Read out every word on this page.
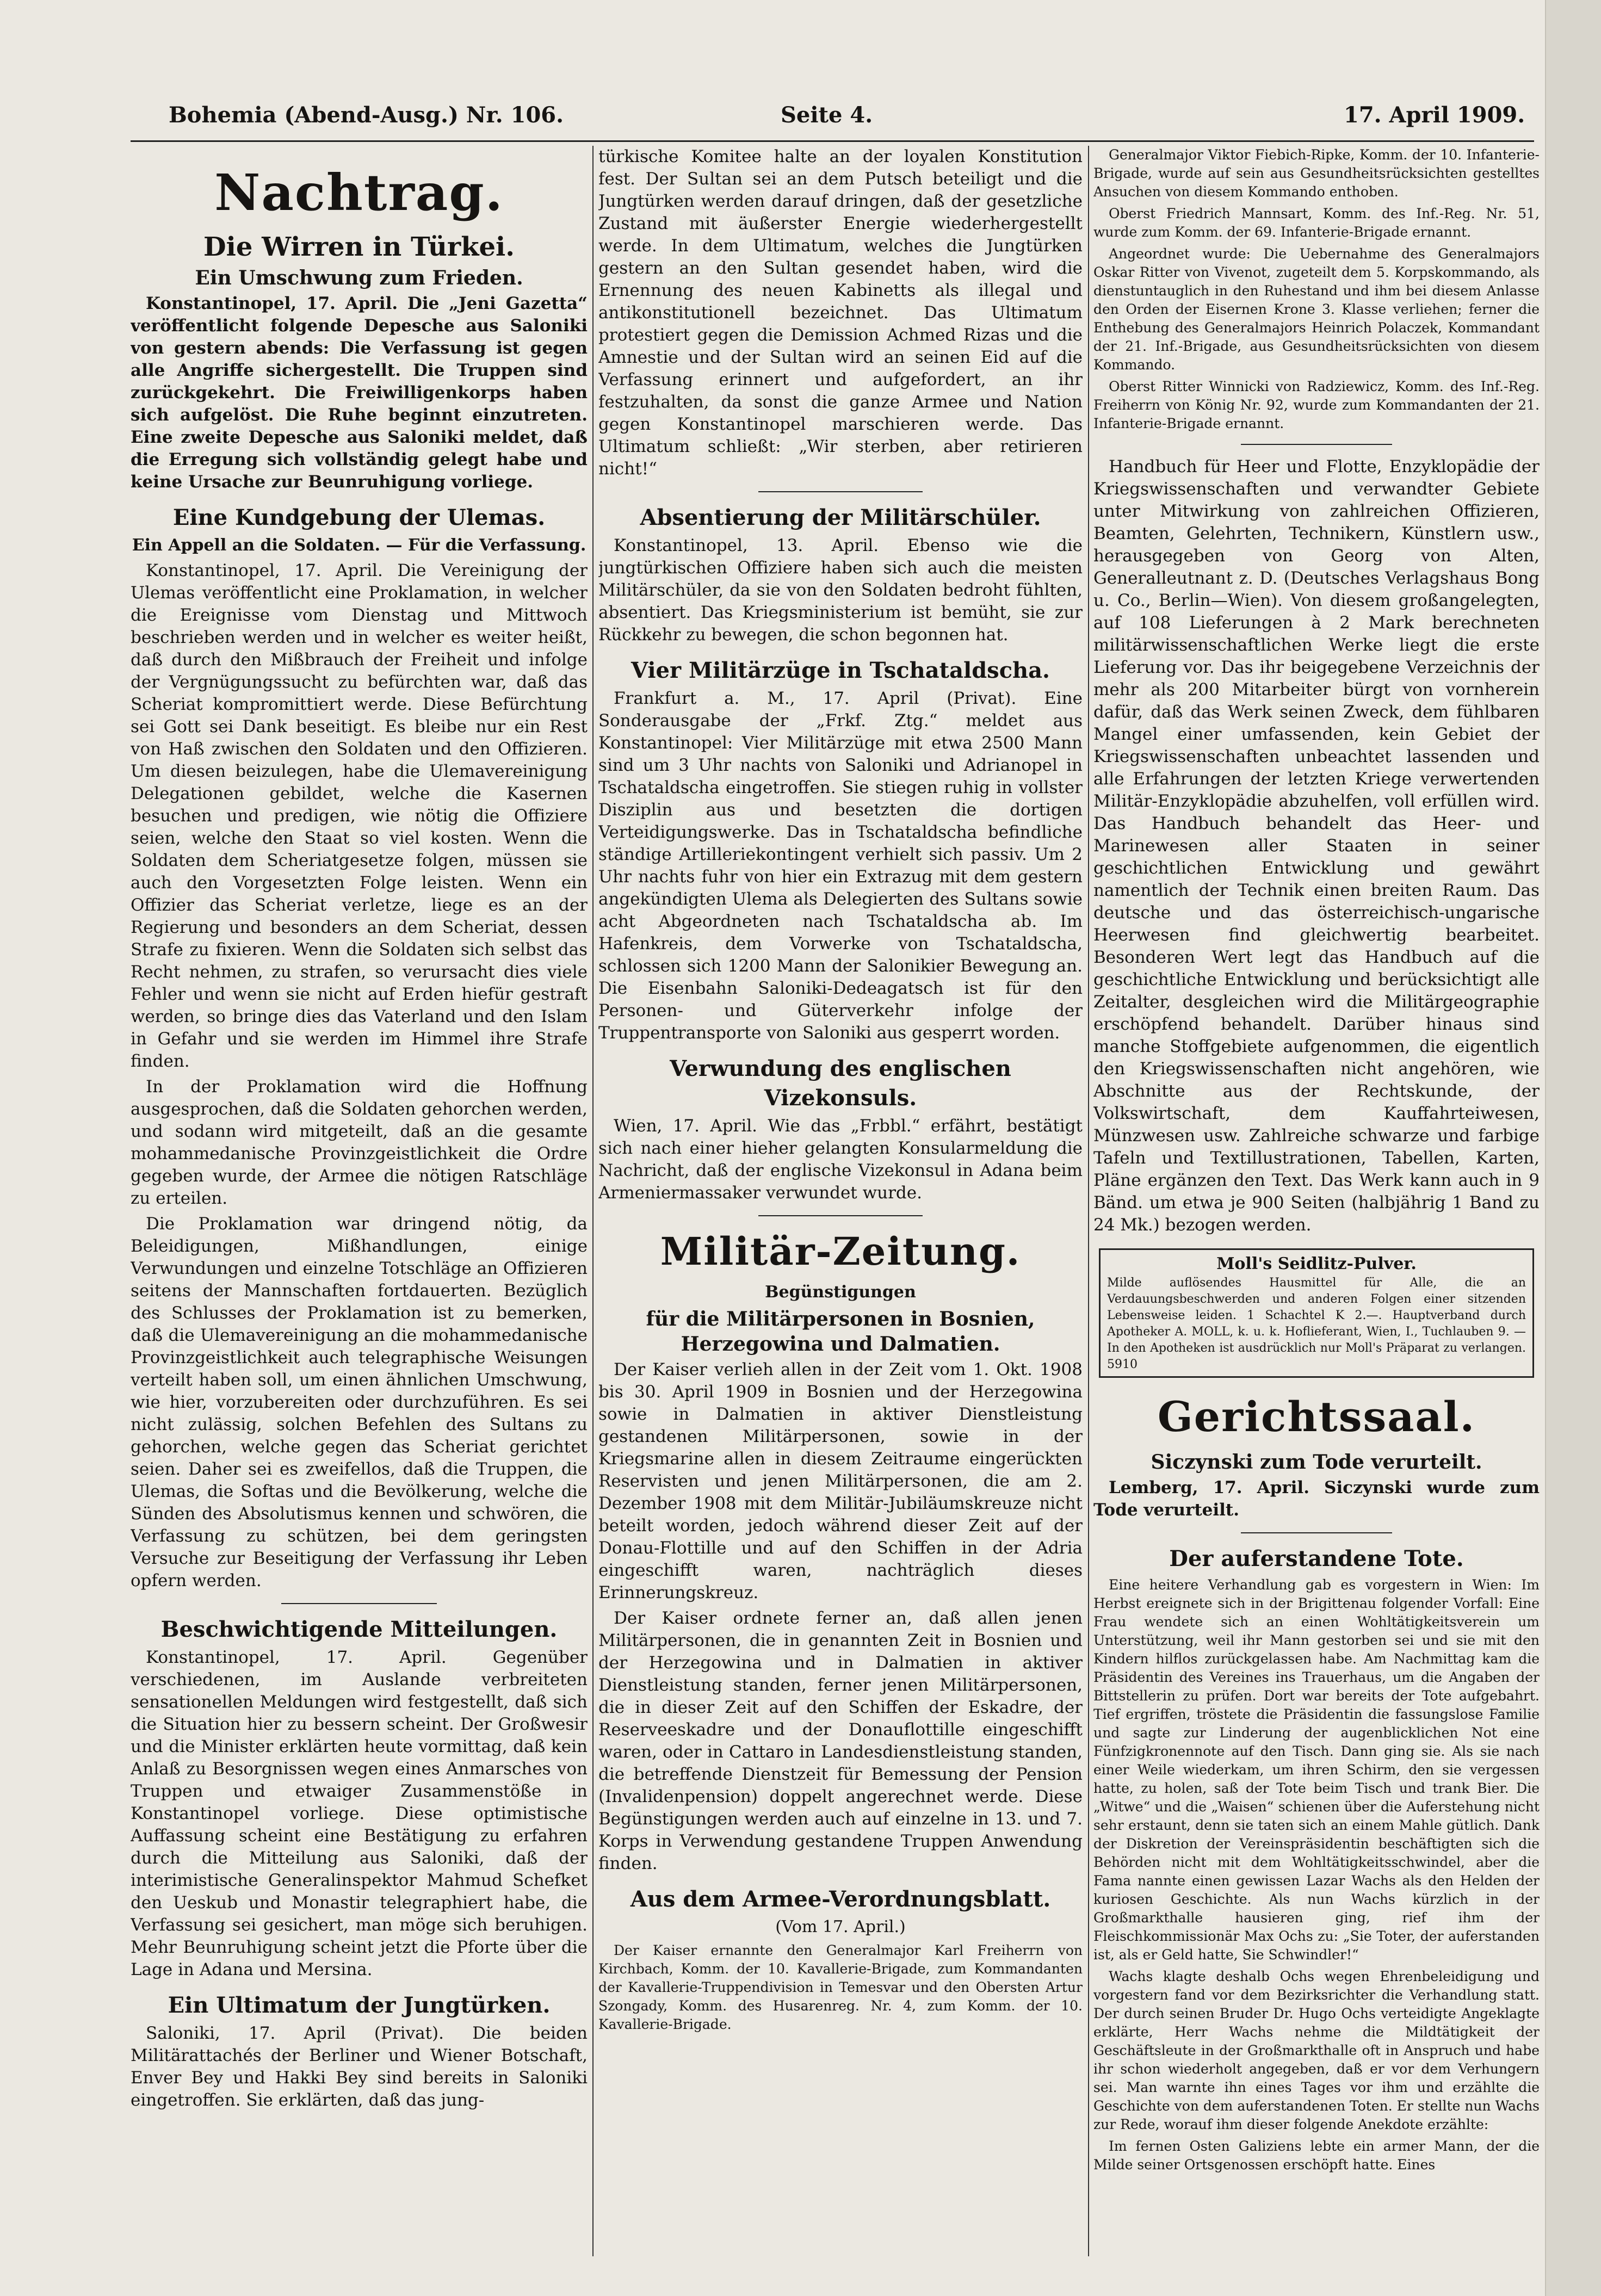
Bohemia (Abend-Ausg.) Nr. 106.	Seite 4.	17. April 1909.
Nachtrag.
Die Wirren in Türkei.
Ein Umschwung zum Frieden.

Konstantinopel, 17. April. Die „Jeni Gazetta“ veröffentlicht folgende Depesche aus Saloniki von gestern abends: Die Verfassung ist gegen alle Angriffe sichergestellt. Die Truppen sind zurückgekehrt. Die Freiwilligenkorps haben sich aufgelöst. Die Ruhe beginnt einzutreten. Eine zweite Depesche aus Saloniki meldet, daß die Erregung sich vollständig gelegt habe und keine Ursache zur Beunruhigung vorliege.

Eine Kundgebung der Ulemas.
Ein Appell an die Soldaten. — Für die Verfassung.

Konstantinopel, 17. April. Die Vereinigung der Ulemas veröffentlicht eine Proklamation, in welcher die Ereignisse vom Dienstag und Mittwoch beschrieben werden und in welcher es weiter heißt, daß durch den Mißbrauch der Freiheit und infolge der Vergnügungssucht zu befürchten war, daß das Scheriat kompromittiert werde. Diese Befürchtung sei Gott sei Dank beseitigt. Es bleibe nur ein Rest von Haß zwischen den Soldaten und den Offizieren. Um diesen beizulegen, habe die Ulemavereinigung Delegationen gebildet, welche die Kasernen besuchen und predigen, wie nötig die Offiziere seien, welche den Staat so viel kosten. Wenn die Soldaten dem Scheriatgesetze folgen, müssen sie auch den Vorgesetzten Folge leisten. Wenn ein Offizier das Scheriat verletze, liege es an der Regierung und besonders an dem Scheriat, dessen Strafe zu fixieren. Wenn die Soldaten sich selbst das Recht nehmen, zu strafen, so verursacht dies viele Fehler und wenn sie nicht auf Erden hiefür gestraft werden, so bringe dies das Vaterland und den Islam in Gefahr und sie werden im Himmel ihre Strafe finden.

In der Proklamation wird die Hoffnung ausgesprochen, daß die Soldaten gehorchen werden, und sodann wird mitgeteilt, daß an die gesamte mohammedanische Provinzgeistlichkeit die Ordre gegeben wurde, der Armee die nötigen Ratschläge zu erteilen.

Die Proklamation war dringend nötig, da Beleidigungen, Mißhandlungen, einige Verwundungen und einzelne Totschläge an Offizieren seitens der Mannschaften fortdauerten. Bezüglich des Schlusses der Proklamation ist zu bemerken, daß die Ulemavereinigung an die mohammedanische Provinzgeistlichkeit auch telegraphische Weisungen verteilt haben soll, um einen ähnlichen Umschwung, wie hier, vorzubereiten oder durchzuführen. Es sei nicht zulässig, solchen Befehlen des Sultans zu gehorchen, welche gegen das Scheriat gerichtet seien. Daher sei es zweifellos, daß die Truppen, die Ulemas, die Softas und die Bevölkerung, welche die Sünden des Absolutismus kennen und schwören, die Verfassung zu schützen, bei dem geringsten Versuche zur Beseitigung der Verfassung ihr Leben opfern werden.

Beschwichtigende Mitteilungen.

Konstantinopel, 17. April. Gegenüber verschiedenen, im Auslande verbreiteten sensationellen Meldungen wird festgestellt, daß sich die Situation hier zu bessern scheint. Der Großwesir und die Minister erklärten heute vormittag, daß kein Anlaß zu Besorgnissen wegen eines Anmarsches von Truppen und etwaiger Zusammenstöße in Konstantinopel vorliege. Diese optimistische Auffassung scheint eine Bestätigung zu erfahren durch die Mitteilung aus Saloniki, daß der interimistische Generalinspektor Mahmud Schefket den Ueskub und Monastir telegraphiert habe, die Verfassung sei gesichert, man möge sich beruhigen. Mehr Beunruhigung scheint jetzt die Pforte über die Lage in Adana und Mersina.

Ein Ultimatum der Jungtürken.

Saloniki, 17. April (Privat). Die beiden Militärattachés der Berliner und Wiener Botschaft, Enver Bey und Hakki Bey sind bereits in Saloniki eingetroffen. Sie erklärten, daß das jung-

türkische Komitee halte an der loyalen Konstitution fest. Der Sultan sei an dem Putsch beteiligt und die Jungtürken werden darauf dringen, daß der gesetzliche Zustand mit äußerster Energie wiederhergestellt werde. In dem Ultimatum, welches die Jungtürken gestern an den Sultan gesendet haben, wird die Ernennung des neuen Kabinetts als illegal und antikonstitutionell bezeichnet. Das Ultimatum protestiert gegen die Demission Achmed Rizas und die Amnestie und der Sultan wird an seinen Eid auf die Verfassung erinnert und aufgefordert, an ihr festzuhalten, da sonst die ganze Armee und Nation gegen Konstantinopel marschieren werde. Das Ultimatum schließt: „Wir sterben, aber retirieren nicht!“

Absentierung der Militärschüler.

Konstantinopel, 13. April. Ebenso wie die jungtürkischen Offiziere haben sich auch die meisten Militärschüler, da sie von den Soldaten bedroht fühlten, absentiert. Das Kriegsministerium ist bemüht, sie zur Rückkehr zu bewegen, die schon begonnen hat.

Vier Militärzüge in Tschataldscha.

Frankfurt a. M., 17. April (Privat). Eine Sonderausgabe der „Frkf. Ztg.“ meldet aus Konstantinopel: Vier Militärzüge mit etwa 2500 Mann sind um 3 Uhr nachts von Saloniki und Adrianopel in Tschataldscha eingetroffen. Sie stiegen ruhig in vollster Disziplin aus und besetzten die dortigen Verteidigungswerke. Das in Tschataldscha befindliche ständige Artilleriekontingent verhielt sich passiv. Um 2 Uhr nachts fuhr von hier ein Extrazug mit dem gestern angekündigten Ulema als Delegierten des Sultans sowie acht Abgeordneten nach Tschataldscha ab. Im Hafenkreis, dem Vorwerke von Tschataldscha, schlossen sich 1200 Mann der Salonikier Bewegung an. Die Eisenbahn Saloniki-Dedeagatsch ist für den Personen- und Güterverkehr infolge der Truppentransporte von Saloniki aus gesperrt worden.

Verwundung des englischen Vizekonsuls.

Wien, 17. April. Wie das „Frbbl.“ erfährt, bestätigt sich nach einer hieher gelangten Konsularmeldung die Nachricht, daß der englische Vizekonsul in Adana beim Armeniermassaker verwundet wurde.

Militär-Zeitung.
Begünstigungen
für die Militärpersonen in Bosnien, Herzegowina und Dalmatien.

Der Kaiser verlieh allen in der Zeit vom 1. Okt. 1908 bis 30. April 1909 in Bosnien und der Herzegowina sowie in Dalmatien in aktiver Dienstleistung gestandenen Militärpersonen, sowie in der Kriegsmarine allen in diesem Zeitraume eingerückten Reservisten und jenen Militärpersonen, die am 2. Dezember 1908 mit dem Militär-Jubiläumskreuze nicht beteilt worden, jedoch während dieser Zeit auf der Donau-Flottille und auf den Schiffen in der Adria eingeschifft waren, nachträglich dieses Erinnerungskreuz.

Der Kaiser ordnete ferner an, daß allen jenen Militärpersonen, die in genannten Zeit in Bosnien und der Herzegowina und in Dalmatien in aktiver Dienstleistung standen, ferner jenen Militärpersonen, die in dieser Zeit auf den Schiffen der Eskadre, der Reserveeskadre und der Donauflottille eingeschifft waren, oder in Cattaro in Landesdienstleistung standen, die betreffende Dienstzeit für Bemessung der Pension (Invalidenpension) doppelt angerechnet werde. Diese Begünstigungen werden auch auf einzelne in 13. und 7. Korps in Verwendung gestandene Truppen Anwendung finden.

Aus dem Armee-Verordnungsblatt.
(Vom 17. April.)

Der Kaiser ernannte den Generalmajor Karl Freiherrn von Kirchbach, Komm. der 10. Kavallerie-Brigade, zum Kommandanten der Kavallerie-Truppendivision in Temesvar und den Obersten Artur Szongady, Komm. des Husarenreg. Nr. 4, zum Komm. der 10. Kavallerie-Brigade.

Generalmajor Viktor Fiebich-Ripke, Komm. der 10. Infanterie-Brigade, wurde auf sein aus Gesundheitsrücksichten gestelltes Ansuchen von diesem Kommando enthoben.

Oberst Friedrich Mannsart, Komm. des Inf.-Reg. Nr. 51, wurde zum Komm. der 69. Infanterie-Brigade ernannt.

Angeordnet wurde: Die Uebernahme des Generalmajors Oskar Ritter von Vivenot, zugeteilt dem 5. Korpskommando, als dienstuntauglich in den Ruhestand und ihm bei diesem Anlasse den Orden der Eisernen Krone 3. Klasse verliehen; ferner die Enthebung des Generalmajors Heinrich Polaczek, Kommandant der 21. Inf.-Brigade, aus Gesundheitsrücksichten von diesem Kommando.

Oberst Ritter Winnicki von Radziewicz, Komm. des Inf.-Reg. Freiherrn von König Nr. 92, wurde zum Kommandanten der 21. Infanterie-Brigade ernannt.

Handbuch für Heer und Flotte, Enzyklopädie der Kriegswissenschaften und verwandter Gebiete unter Mitwirkung von zahlreichen Offizieren, Beamten, Gelehrten, Technikern, Künstlern usw., herausgegeben von Georg von Alten, Generalleutnant z. D. (Deutsches Verlagshaus Bong u. Co., Berlin—Wien). Von diesem großangelegten, auf 108 Lieferungen à 2 Mark berechneten militärwissenschaftlichen Werke liegt die erste Lieferung vor. Das ihr beigegebene Verzeichnis der mehr als 200 Mitarbeiter bürgt von vornherein dafür, daß das Werk seinen Zweck, dem fühlbaren Mangel einer umfassenden, kein Gebiet der Kriegswissenschaften unbeachtet lassenden und alle Erfahrungen der letzten Kriege verwertenden Militär-Enzyklopädie abzuhelfen, voll erfüllen wird. Das Handbuch behandelt das Heer- und Marinewesen aller Staaten in seiner geschichtlichen Entwicklung und gewährt namentlich der Technik einen breiten Raum. Das deutsche und das österreichisch-ungarische Heerwesen find gleichwertig bearbeitet. Besonderen Wert legt das Handbuch auf die geschichtliche Entwicklung und berücksichtigt alle Zeitalter, desgleichen wird die Militärgeographie erschöpfend behandelt. Darüber hinaus sind manche Stoffgebiete aufgenommen, die eigentlich den Kriegswissenschaften nicht angehören, wie Abschnitte aus der Rechtskunde, der Volkswirtschaft, dem Kauffahrteiwesen, Münzwesen usw. Zahlreiche schwarze und farbige Tafeln und Textillustrationen, Tabellen, Karten, Pläne ergänzen den Text. Das Werk kann auch in 9 Bänd. um etwa je 900 Seiten (halbjährig 1 Band zu 24 Mk.) bezogen werden.

Moll's Seidlitz-Pulver.
Milde auflösendes Hausmittel für Alle, die an Verdauungsbeschwerden und anderen Folgen einer sitzenden Lebensweise leiden. 1 Schachtel K 2.—. Hauptverband durch Apotheker A. MOLL, k. u. k. Hoflieferant, Wien, I., Tuchlauben 9. — In den Apotheken ist ausdrücklich nur Moll's Präparat zu verlangen. 5910
Gerichtssaal.
Siczynski zum Tode verurteilt.

Lemberg, 17. April. Siczynski wurde zum Tode verurteilt.

Der auferstandene Tote.

Eine heitere Verhandlung gab es vorgestern in Wien: Im Herbst ereignete sich in der Brigittenau folgender Vorfall: Eine Frau wendete sich an einen Wohltätigkeitsverein um Unterstützung, weil ihr Mann gestorben sei und sie mit den Kindern hilflos zurückgelassen habe. Am Nachmittag kam die Präsidentin des Vereines ins Trauerhaus, um die Angaben der Bittstellerin zu prüfen. Dort war bereits der Tote aufgebahrt. Tief ergriffen, tröstete die Präsidentin die fassungslose Familie und sagte zur Linderung der augenblicklichen Not eine Fünfzigkronennote auf den Tisch. Dann ging sie. Als sie nach einer Weile wiederkam, um ihren Schirm, den sie vergessen hatte, zu holen, saß der Tote beim Tisch und trank Bier. Die „Witwe“ und die „Waisen“ schienen über die Auferstehung nicht sehr erstaunt, denn sie taten sich an einem Mahle gütlich. Dank der Diskretion der Vereinspräsidentin beschäftigten sich die Behörden nicht mit dem Wohltätigkeitsschwindel, aber die Fama nannte einen gewissen Lazar Wachs als den Helden der kuriosen Geschichte. Als nun Wachs kürzlich in der Großmarkthalle hausieren ging, rief ihm der Fleischkommissionär Max Ochs zu: „Sie Toter, der auferstanden ist, als er Geld hatte, Sie Schwindler!“

Wachs klagte deshalb Ochs wegen Ehrenbeleidigung und vorgestern fand vor dem Bezirksrichter die Verhandlung statt. Der durch seinen Bruder Dr. Hugo Ochs verteidigte Angeklagte erklärte, Herr Wachs nehme die Mildtätigkeit der Geschäftsleute in der Großmarkthalle oft in Anspruch und habe ihr schon wiederholt angegeben, daß er vor dem Verhungern sei. Man warnte ihn eines Tages vor ihm und erzählte die Geschichte von dem auferstandenen Toten. Er stellte nun Wachs zur Rede, worauf ihm dieser folgende Anekdote erzählte:

Im fernen Osten Galiziens lebte ein armer Mann, der die Milde seiner Ortsgenossen erschöpft hatte. Eines
